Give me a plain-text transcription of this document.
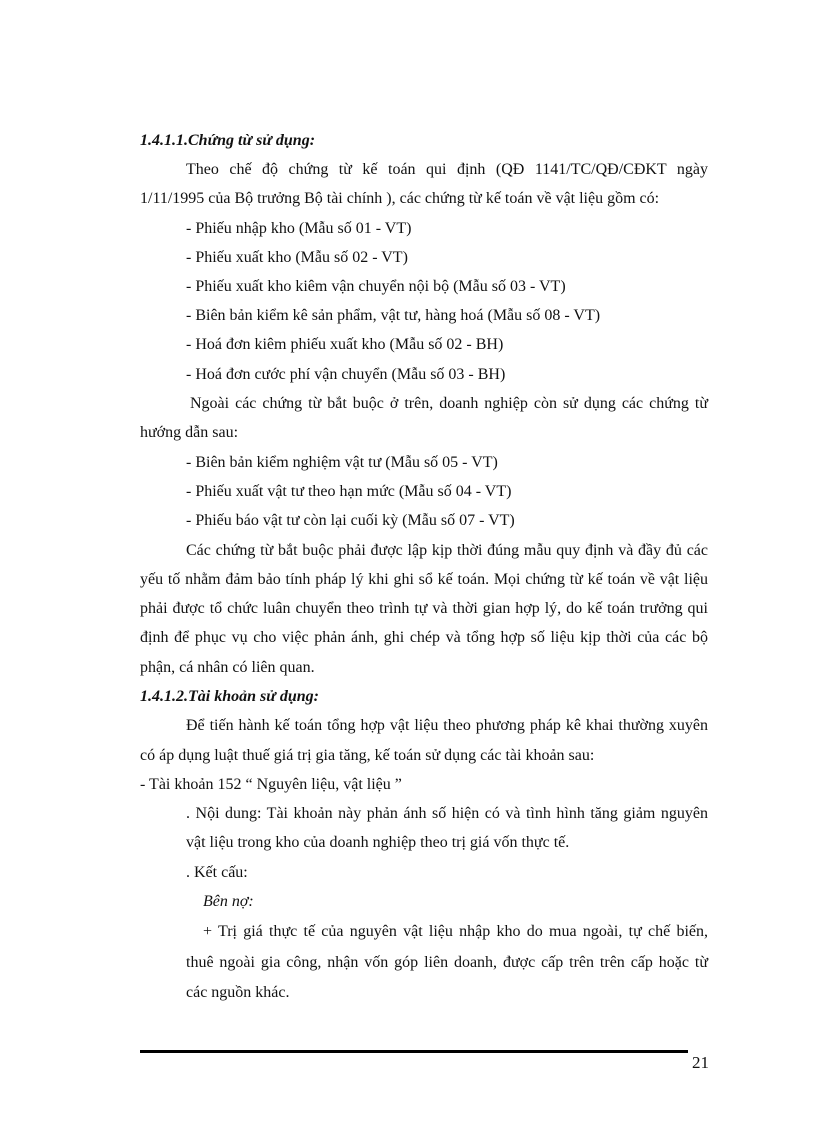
1.4.1.1.Chứng từ sử dụng:
Theo chế độ chứng từ kế toán qui định (QĐ 1141/TC/QĐ/CĐKT ngày
1/11/1995 của Bộ trưởng Bộ tài chính ), các chứng từ kế toán về vật liệu gồm có:
- Phiếu nhập kho (Mẫu số 01 - VT)
- Phiếu xuất kho (Mẫu số 02 - VT)
- Phiếu xuất kho kiêm vận chuyển nội bộ (Mẫu số 03 - VT)
- Biên bản kiểm kê sản phẩm, vật tư, hàng hoá (Mẫu số 08 - VT)
- Hoá đơn kiêm phiếu xuất kho (Mẫu số 02 - BH)
- Hoá đơn cước phí vận chuyển (Mẫu số 03 - BH)
Ngoài các chứng từ bắt buộc ở trên, doanh nghiệp còn sử dụng các chứng từ
hướng dẫn sau:
- Biên bản kiểm nghiệm vật tư (Mẫu số 05 - VT)
- Phiếu xuất vật tư theo hạn mức (Mẫu số 04 - VT)
- Phiếu báo vật tư còn lại cuối kỳ (Mẫu số 07 - VT)
Các chứng từ bắt buộc phải được lập kịp thời đúng mẫu quy định và đầy đủ các
yếu tố nhằm đảm bảo tính pháp lý khi ghi sổ kế toán. Mọi chứng từ kế toán về vật liệu
phải được tổ chức luân chuyển theo trình tự và thời gian hợp lý, do kế toán trưởng qui
định để phục vụ cho việc phản ánh, ghi chép và tổng hợp số liệu kịp thời của các bộ
phận, cá nhân có liên quan.
1.4.1.2.Tài khoản sử dụng:
Để tiến hành kế toán tổng hợp vật liệu theo phương pháp kê khai thường xuyên
có áp dụng luật thuế giá trị gia tăng, kế toán sử dụng các tài khoản sau:
- Tài khoản 152 “ Nguyên liệu, vật liệu ”
. Nội dung: Tài khoản này phản ánh số hiện có và tình hình tăng giảm nguyên
vật liệu trong kho của doanh nghiệp theo trị giá vốn thực tế.
. Kết cấu:
Bên nợ:
+ Trị giá thực tế của nguyên vật liệu nhập kho do mua ngoài, tự chế biến,
thuê ngoài gia công, nhận vốn góp liên doanh, được cấp trên trên cấp hoặc từ
các nguồn khác.
21
